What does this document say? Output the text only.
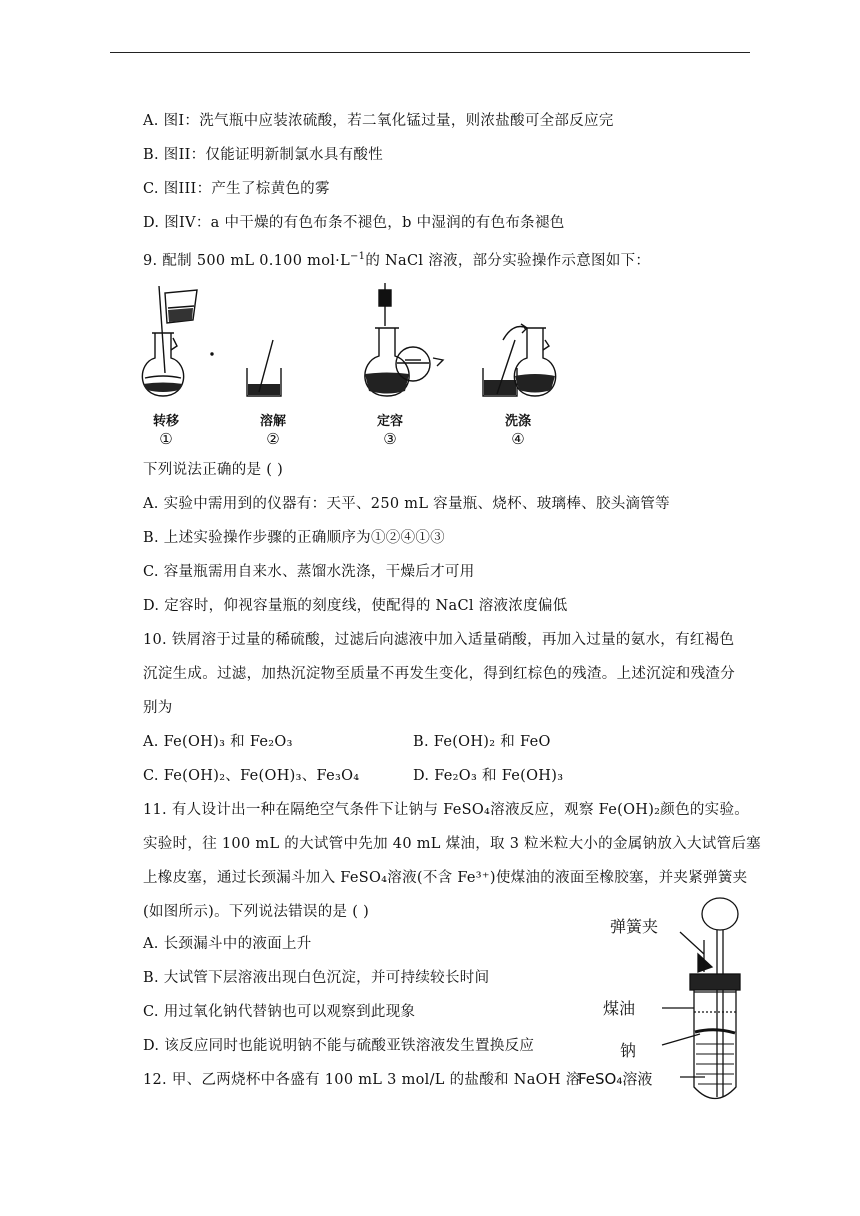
A. 图I：洗气瓶中应装浓硫酸，若二氧化锰过量，则浓盐酸可全部反应完
B. 图II：仅能证明新制氯水具有酸性
C. 图III：产生了棕黄色的雾
D. 图IV：a 中干燥的有色布条不褪色，b 中湿润的有色布条褪色
9. 配制 500 mL 0.100 $mol\cdot L^{-1}$的 NaCl 溶液，部分实验操作示意图如下：
转移	溶解	定容	洗涤
①	②	③	④
下列说法正确的是 ( )
A. 实验中需用到的仪器有：天平、250 mL 容量瓶、烧杯、玻璃棒、胶头滴管等
B. 上述实验操作步骤的正确顺序为①②④①③
C. 容量瓶需用自来水、蒸馏水洗涤，干燥后才可用
D. 定容时，仰视容量瓶的刻度线，使配得的 NaCl 溶液浓度偏低
10. 铁屑溶于过量的稀硫酸，过滤后向滤液中加入适量硝酸，再加入过量的氨水，有红褐色
沉淀生成。过滤，加热沉淀物至质量不再发生变化，得到红棕色的残渣。上述沉淀和残渣分
别为
A. Fe(OH)₃ 和 Fe₂O₃	B. Fe(OH)₂ 和 FeO
C. Fe(OH)₂、Fe(OH)₃、Fe₃O₄	D. Fe₂O₃ 和 Fe(OH)₃
11. 有人设计出一种在隔绝空气条件下让钠与 FeSO₄溶液反应，观察 Fe(OH)₂颜色的实验。
实验时，往 100 mL 的大试管中先加 40 mL 煤油，取 3 粒米粒大小的金属钠放入大试管后塞
上橡皮塞，通过长颈漏斗加入 FeSO₄溶液(不含 Fe³⁺)使煤油的液面至橡胶塞，并夹紧弹簧夹
(如图所示)。下列说法错误的是 ( )
A. 长颈漏斗中的液面上升
B. 大试管下层溶液出现白色沉淀，并可持续较长时间
C. 用过氧化钠代替钠也可以观察到此现象
D. 该反应同时也能说明钠不能与硫酸亚铁溶液发生置换反应
弹簧夹
煤油
钠
FeSO₄溶液
12. 甲、乙两烧杯中各盛有 100 mL 3 mol/L 的盐酸和 NaOH 溶
